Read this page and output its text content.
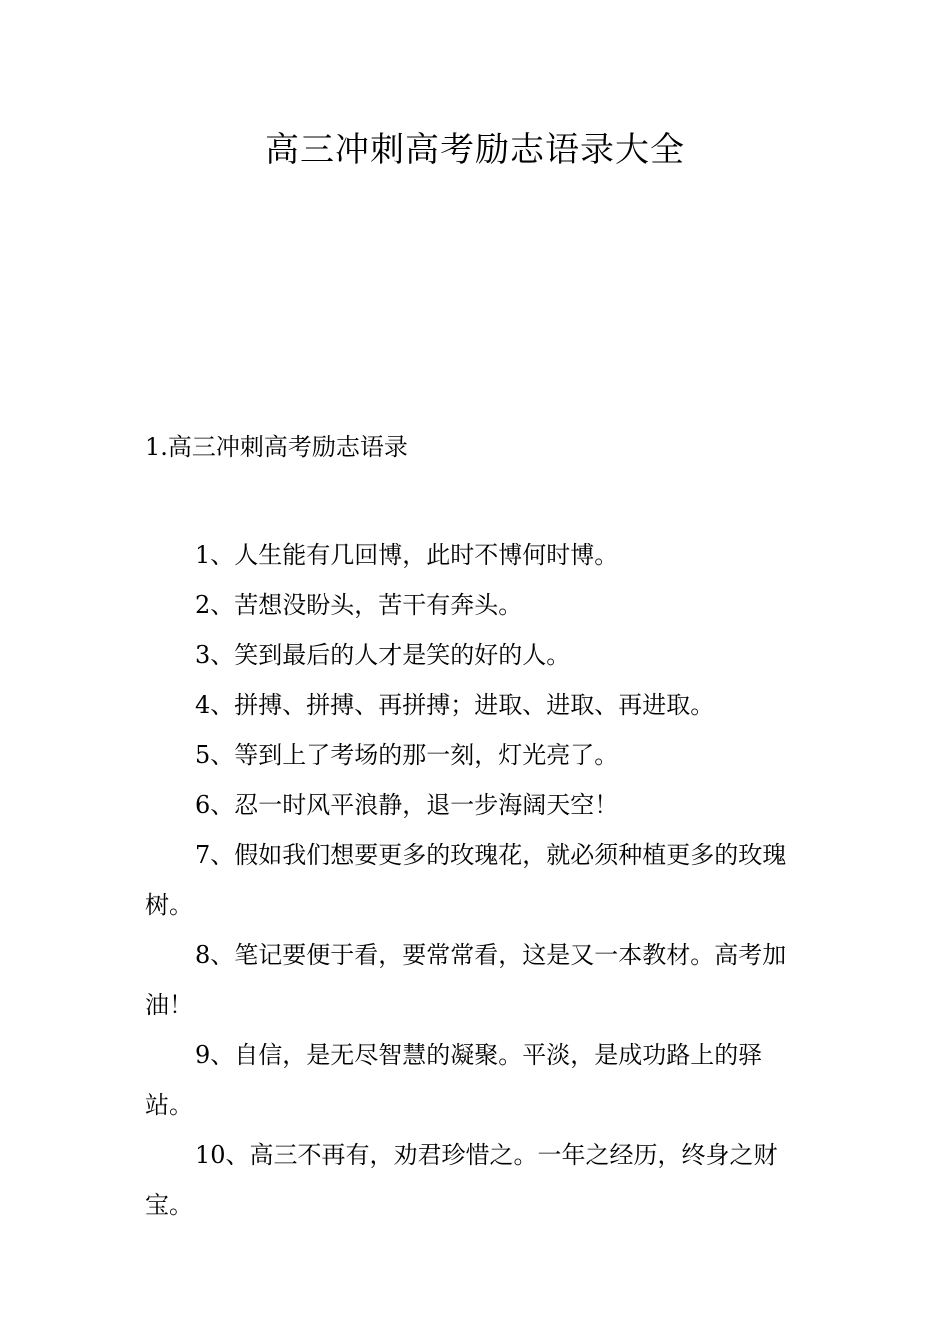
高三冲刺高考励志语录大全

1.高三冲刺高考励志语录

1、人生能有几回博，此时不博何时博。

2、苦想没盼头，苦干有奔头。

3、笑到最后的人才是笑的好的人。

4、拼搏、拼搏、再拼搏；进取、进取、再进取。

5、等到上了考场的那一刻，灯光亮了。

6、忍一时风平浪静，退一步海阔天空！

7、假如我们想要更多的玫瑰花，就必须种植更多的玫瑰树。

8、笔记要便于看，要常常看，这是又一本教材。高考加油！

9、自信，是无尽智慧的凝聚。平淡，是成功路上的驿站。

10、高三不再有，劝君珍惜之。一年之经历，终身之财宝。
